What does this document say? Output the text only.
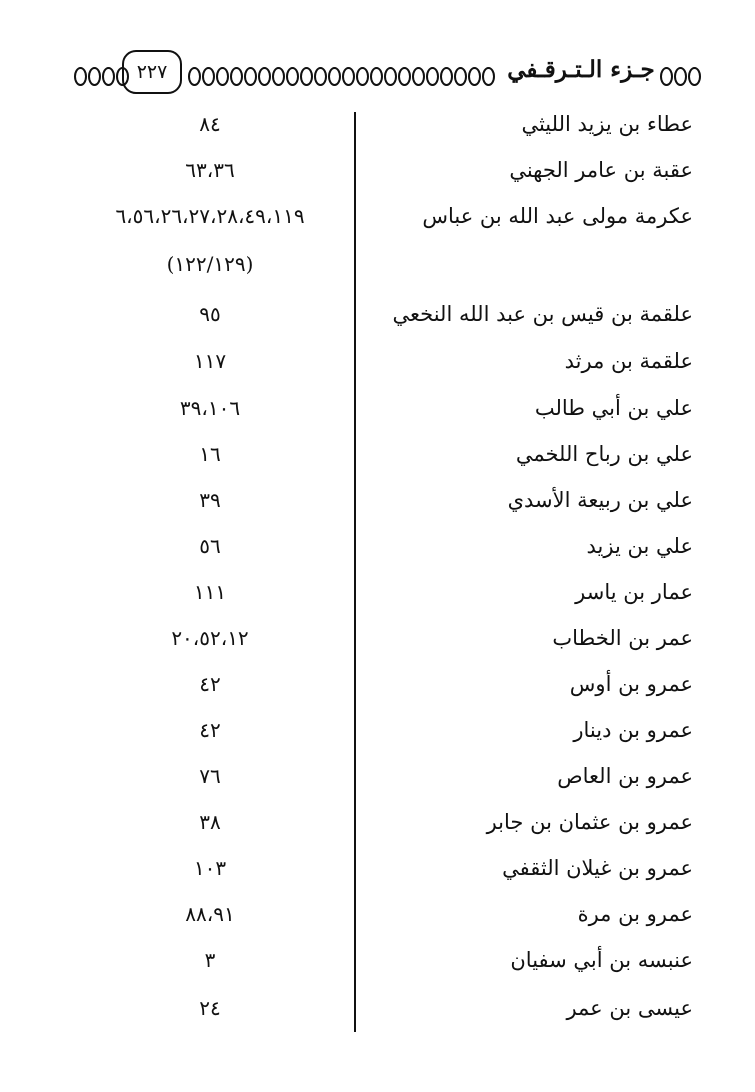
٢٢٧	جـزء الـتـرقـفي
عطاء بن يزيد الليثي
٨٤
عقبة بن عامر الجهني
٦٣،٣٦
عكرمة مولى عبد الله بن عباس
٦،٥٦،٢٦،٢٧،٢٨،٤٩،١١٩
(١٢٢/١٢٩)
علقمة بن قيس بن عبد الله النخعي
٩٥
علقمة بن مرثد
١١٧
علي بن أبي طالب
٣٩،١٠٦
علي بن رباح اللخمي
١٦
علي بن ربيعة الأسدي
٣٩
علي بن يزيد
٥٦
عمار بن ياسر
١١١
عمر بن الخطاب
٢٠،٥٢،١٢
عمرو بن أوس
٤٢
عمرو بن دينار
٤٢
عمرو بن العاص
٧٦
عمرو بن عثمان بن جابر
٣٨
عمرو بن غيلان الثقفي
١٠٣
عمرو بن مرة
٨٨،٩١
عنبسه بن أبي سفيان
٣
عيسى بن عمر
٢٤
